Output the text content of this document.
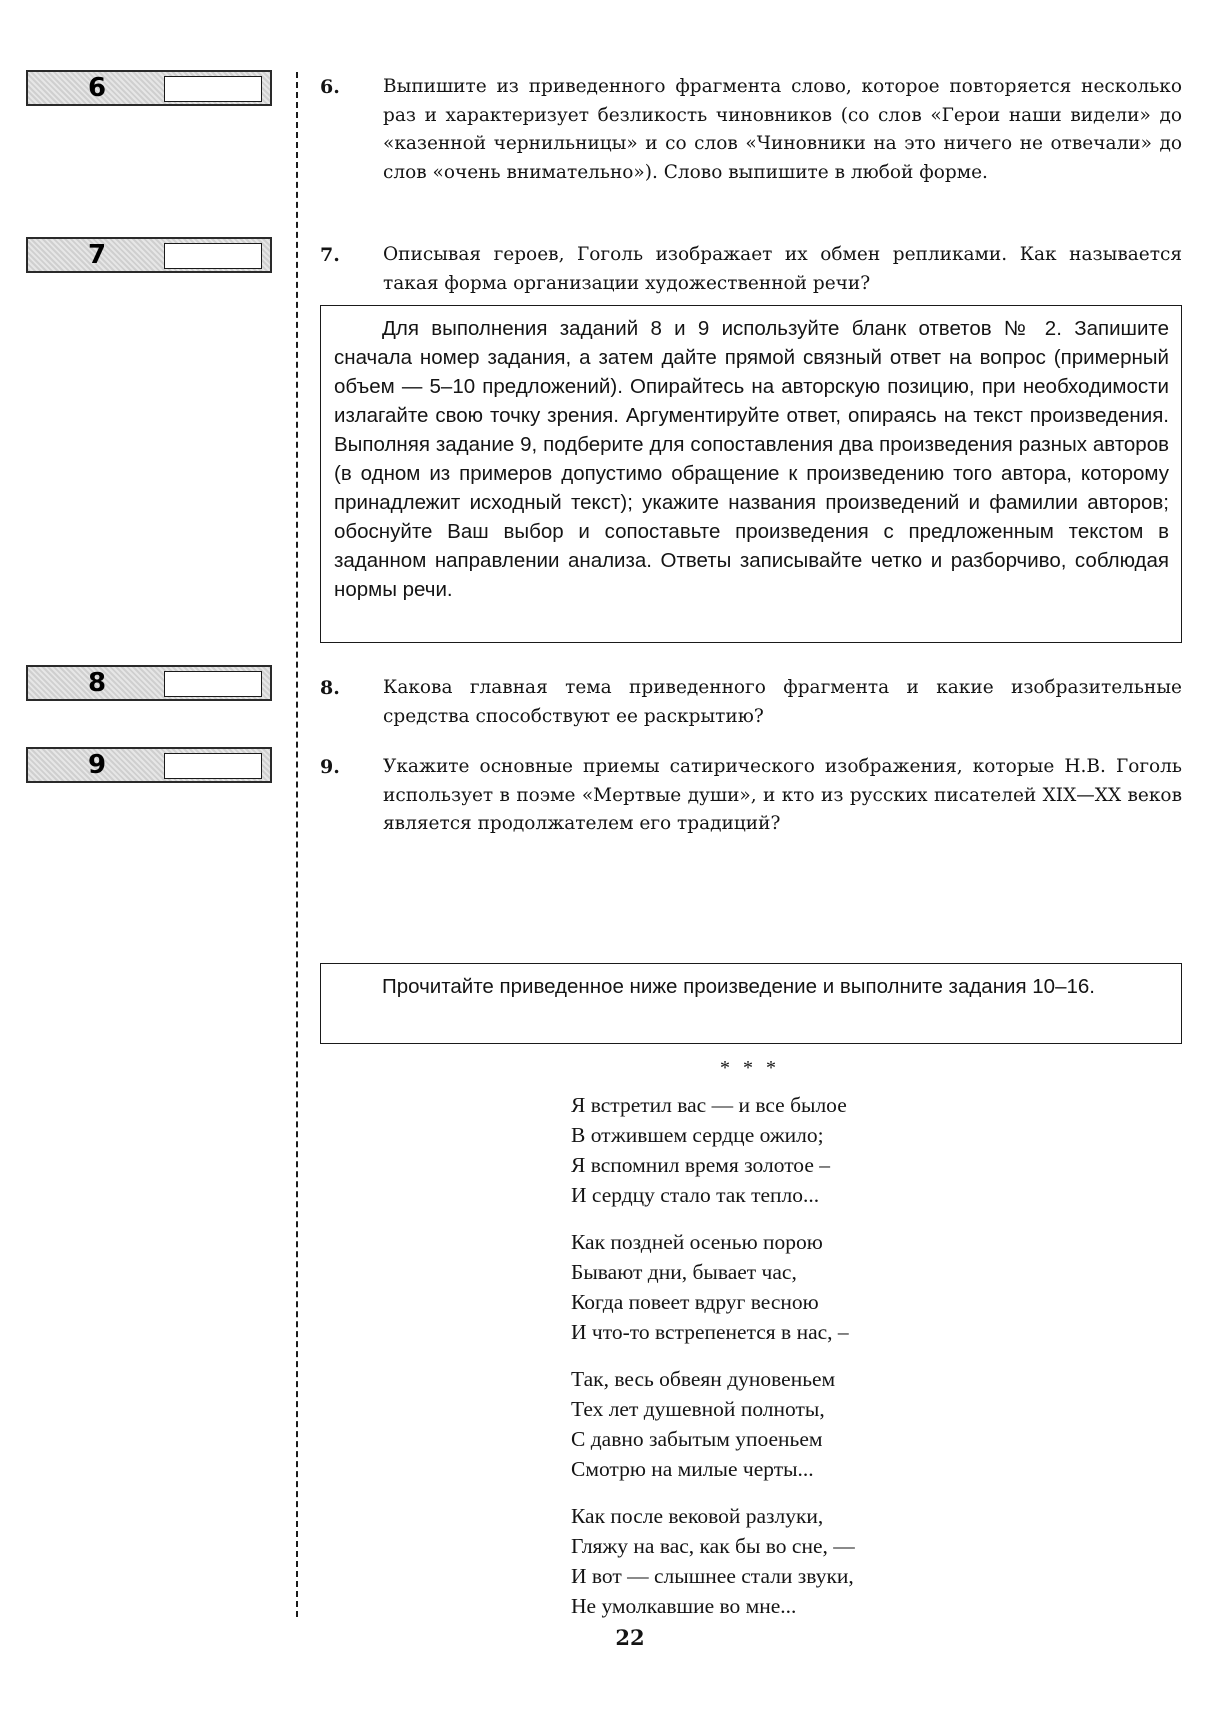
6
7
8
9
6. Выпишите из приведенного фрагмента слово, которое повторяется несколько раз и характеризует безликость чиновников (со слов «Герои наши видели» до «казенной чернильницы» и со слов «Чиновники на это ничего не отвечали» до слов «очень внимательно»). Слово выпишите в любой форме.
7. Описывая героев, Гоголь изображает их обмен репликами. Как называется такая форма организации художественной речи?

Для выполнения заданий 8 и 9 используйте бланк ответов № 2. Запишите сначала номер задания, а затем дайте прямой связный ответ на вопрос (примерный объем — 5–10 предложений). Опирайтесь на авторскую позицию, при необходимости излагайте свою точку зрения. Аргументируйте ответ, опираясь на текст произведения. Выполняя задание 9, подберите для сопоставления два произведения разных авторов (в одном из примеров допустимо обращение к произведению того автора, которому принадлежит исходный текст); укажите названия произведений и фамилии авторов; обоснуйте Ваш выбор и сопоставьте произведения с предложенным текстом в заданном направлении анализа. Ответы записывайте четко и разборчиво, соблюдая нормы речи.

8. Какова главная тема приведенного фрагмента и какие изобразительные средства способствуют ее раскрытию?
9. Укажите основные приемы сатирического изображения, которые Н.В. Гоголь использует в поэме «Мертвые души», и кто из русских писателей XIX—XX веков является продолжателем его традиций?

Прочитайте приведенное ниже произведение и выполните задания 10–16.

* * *
Я встретил вас — и все былое
В отжившем сердце ожило;
Я вспомнил время золотое –
И сердцу стало так тепло...
Как поздней осенью порою
Бывают дни, бывает час,
Когда повеет вдруг весною
И что-то встрепенется в нас, –
Так, весь обвеян дуновеньем
Тех лет душевной полноты,
С давно забытым упоеньем
Смотрю на милые черты...
Как после вековой разлуки,
Гляжу на вас, как бы во сне, —
И вот — слышнее стали звуки,
Не умолкавшие во мне...
22
